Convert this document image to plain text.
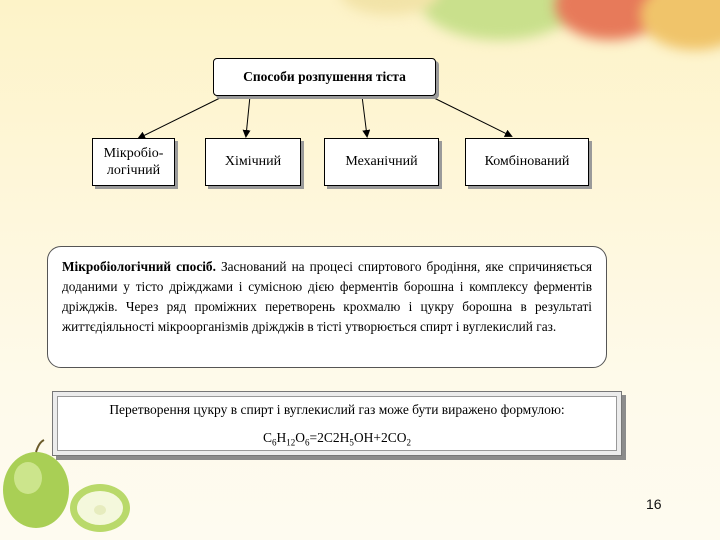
Способи розпушення тіста
Мікробіо-логічний
Хімічний	Механічний	Комбінований
Мікробіологічний спосіб. Заснований на процесі спиртового бродіння, яке спричиняється доданими у тісто дріжджами і сумісною дією ферментів борошна і комплексу ферментів дріжджів. Через ряд проміжних перетворень крохмалю і цукру борошна в результаті життєдіяльності мікроорганізмів дріжджів в тісті утворюється спирт і вуглекислий газ.
Перетворення цукру в спирт і вуглекислий газ може бути виражено формулою:
$C_6H_{12}O_6=2C2H_5OH+2CO_2$
16
